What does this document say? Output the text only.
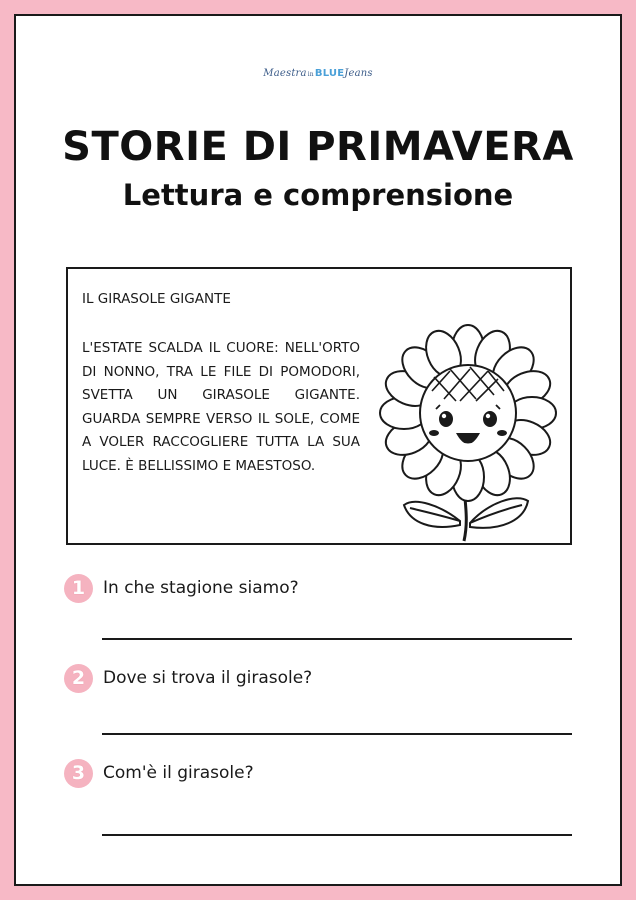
MaestrainBLUEJeans
STORIE DI PRIMAVERA
Lettura e comprensione
IL GIRASOLE GIGANTE
L'ESTATE SCALDA IL CUORE: NELL'ORTO DI NONNO, TRA LE FILE DI POMODORI, SVETTA UN GIRASOLE GIGANTE. GUARDA SEMPRE VERSO IL SOLE, COME A VOLER RACCOGLIERE TUTTA LA SUA LUCE. È BELLISSIMO E MAESTOSO.
1	In che stagione siamo?
2	Dove si trova il girasole?
3	Com'è il girasole?
